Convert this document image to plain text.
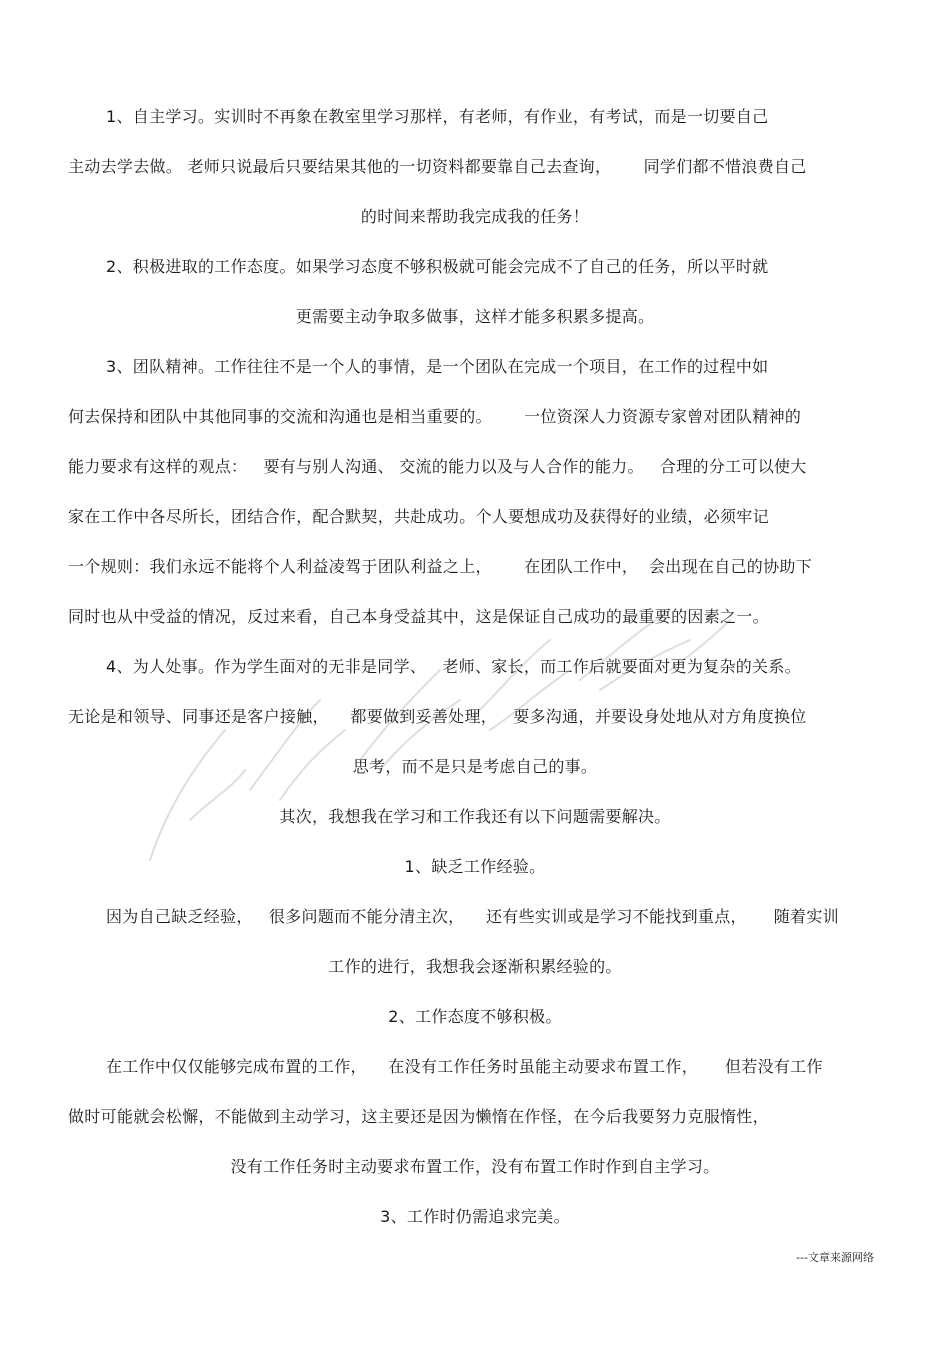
1、自主学习。实训时不再象在教室里学习那样，有老师，有作业，有考试，而是一切要自己
主动去学去做。 老师只说最后只要结果其他的一切资料都要靠自己去查询，      同学们都不惜浪费自己
的时间来帮助我完成我的任务！
2、积极进取的工作态度。如果学习态度不够积极就可能会完成不了自己的任务，所以平时就
更需要主动争取多做事，这样才能多积累多提高。
3、团队精神。工作往往不是一个人的事情，是一个团队在完成一个项目，在工作的过程中如
何去保持和团队中其他同事的交流和沟通也是相当重要的。      一位资深人力资源专家曾对团队精神的
能力要求有这样的观点：   要有与别人沟通、 交流的能力以及与人合作的能力。   合理的分工可以使大
家在工作中各尽所长，团结合作，配合默契，共赴成功。个人要想成功及获得好的业绩，必须牢记
一个规则：我们永远不能将个人利益凌驾于团队利益之上，      在团队工作中，  会出现在自己的协助下
同时也从中受益的情况，反过来看，自己本身受益其中，这是保证自己成功的最重要的因素之一。
4、为人处事。作为学生面对的无非是同学、   老师、家长，而工作后就要面对更为复杂的关系。
无论是和领导、同事还是客户接触，    都要做到妥善处理，   要多沟通，并要设身处地从对方角度换位
思考，而不是只是考虑自己的事。
其次，我想我在学习和工作我还有以下问题需要解决。
1、缺乏工作经验。
因为自己缺乏经验，   很多问题而不能分清主次，    还有些实训或是学习不能找到重点，     随着实训
工作的进行，我想我会逐渐积累经验的。
2、工作态度不够积极。
在工作中仅仅能够完成布置的工作，    在没有工作任务时虽能主动要求布置工作，     但若没有工作
做时可能就会松懈，不能做到主动学习，这主要还是因为懒惰在作怪，在今后我要努力克服惰性，
没有工作任务时主动要求布置工作，没有布置工作时作到自主学习。
3、工作时仍需追求完美。
---文章来源网络
